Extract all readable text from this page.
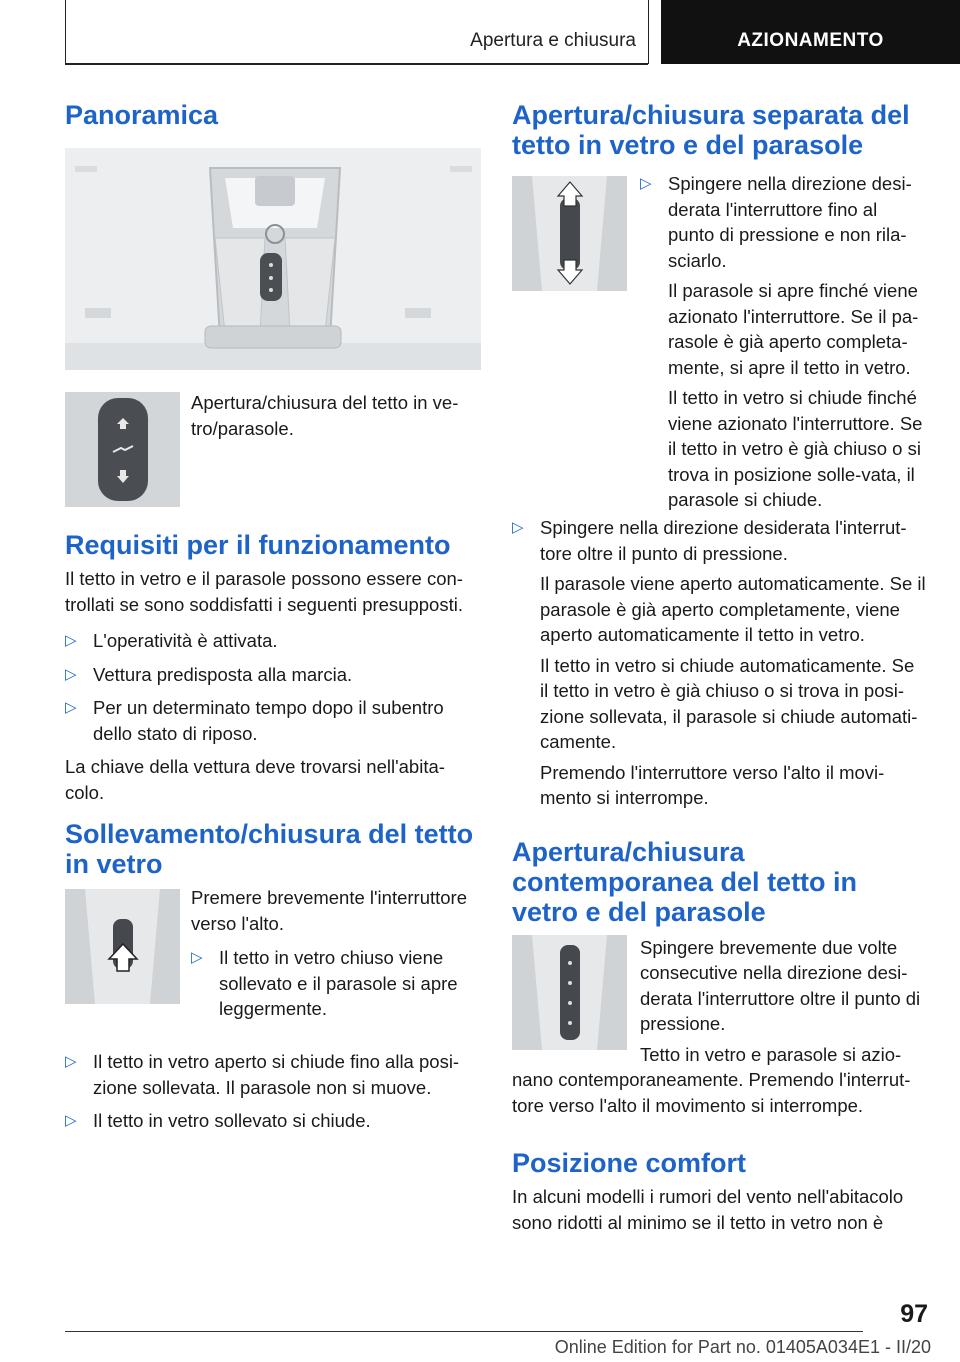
Apertura e chiusura	AZIONAMENTO
Panoramica

Apertura/chiusura del tetto in ve-tro/parasole.

Requisiti per il funzionamento

Il tetto in vetro e il parasole possono essere con-trollati se sono soddisfatti i seguenti presupposti.

▷ L'operatività è attivata.
▷ Vettura predisposta alla marcia.
▷ Per un determinato tempo dopo il subentro dello stato di riposo.

La chiave della vettura deve trovarsi nell'abita-colo.

Sollevamento/chiusura del tetto in vetro

Premere brevemente l'interruttore verso l'alto.

▷ Il tetto in vetro chiuso viene sollevato e il parasole si apre leggermente.
▷ Il tetto in vetro aperto si chiude fino alla posi-zione sollevata. Il parasole non si muove.
▷ Il tetto in vetro sollevato si chiude.
Apertura/chiusura separata del tetto in vetro e del parasole
▷ Spingere nella direzione desi-derata l'interruttore fino al punto di pressione e non rila-sciarlo.
Il parasole si apre finché viene azionato l'interruttore. Se il pa-rasole è già aperto completa-mente, si apre il tetto in vetro.
Il tetto in vetro si chiude finché viene azionato l'interruttore. Se il tetto in vetro è già chiuso o si trova in posizione solle-vata, il parasole si chiude.
▷ Spingere nella direzione desiderata l'interrut-tore oltre il punto di pressione.
Il parasole viene aperto automaticamente. Se il parasole è già aperto completamente, viene aperto automaticamente il tetto in vetro.
Il tetto in vetro si chiude automaticamente. Se il tetto in vetro è già chiuso o si trova in posi-zione sollevata, il parasole si chiude automati-camente.
Premendo l'interruttore verso l'alto il movi-mento si interrompe.
Apertura/chiusura contemporanea del tetto in vetro e del parasole

Spingere brevemente due volte consecutive nella direzione desi-derata l'interruttore oltre il punto di pressione.

Tetto in vetro e parasole si azio-nano contemporaneamente. Premendo l'interrut-tore verso l'alto il movimento si interrompe.

Posizione comfort

In alcuni modelli i rumori del vento nell'abitacolo sono ridotti al minimo se il tetto in vetro non è

97
Online Edition for Part no. 01405A034E1 - II/20
